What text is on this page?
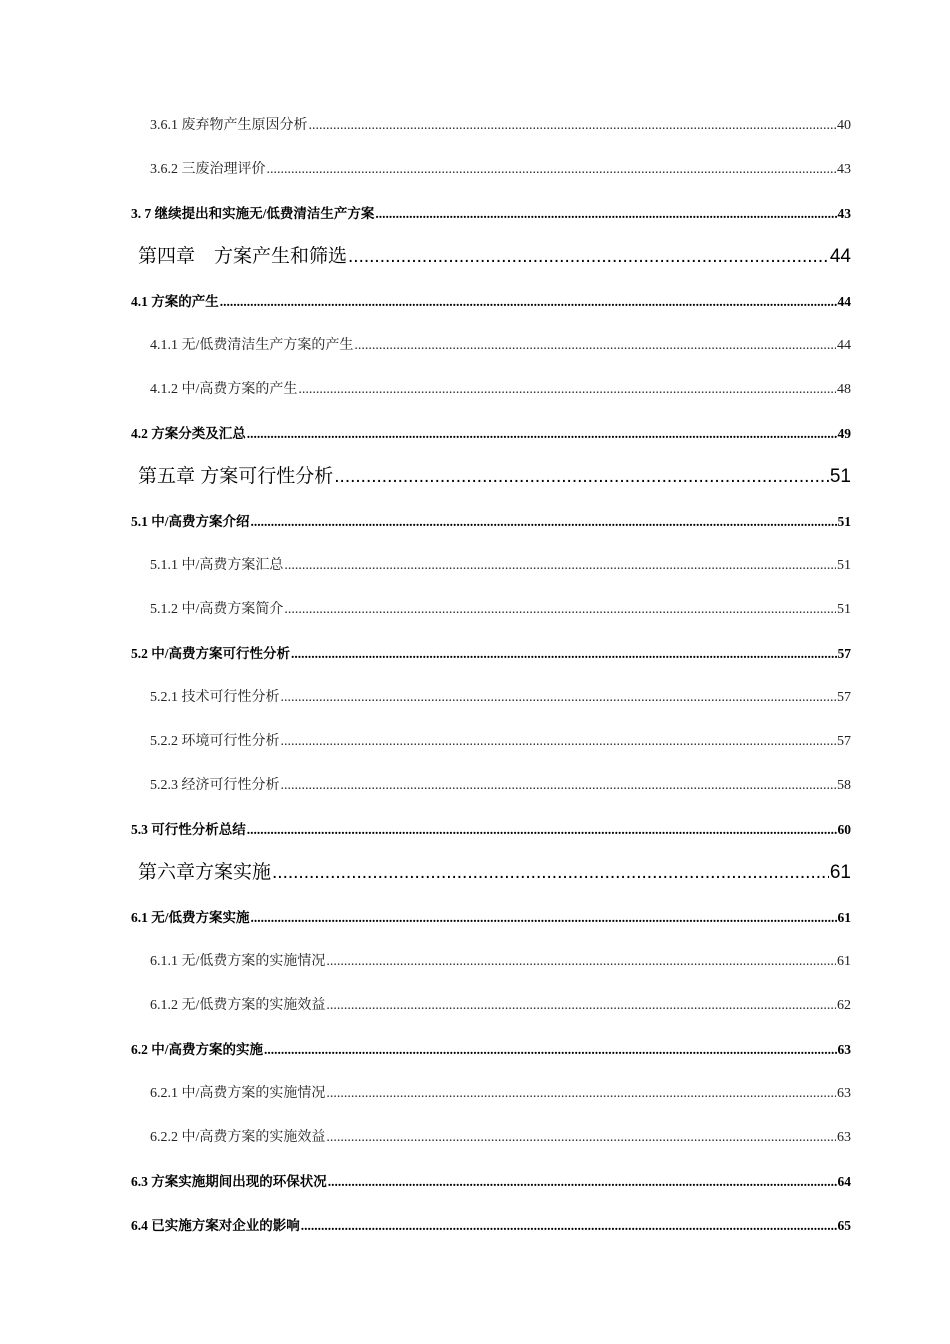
3.6.1 废弃物产生原因分析 .....	40
3.6.2 三废治理评价 .....	43
3. 7 继续提出和实施无/低费清洁生产方案 .....	43
第四章　方案产生和筛选 .....	44
4.1 方案的产生 .....	44
4.1.1 无/低费清洁生产方案的产生 .....	44
4.1.2 中/高费方案的产生 .....	48
4.2 方案分类及汇总 .....	49
第五章 方案可行性分析 .....	51
5.1 中/高费方案介绍 .....	51
5.1.1 中/高费方案汇总 .....	51
5.1.2 中/高费方案简介 .....	51
5.2 中/高费方案可行性分析 .....	57
5.2.1 技术可行性分析 .....	57
5.2.2 环境可行性分析 .....	57
5.2.3 经济可行性分析 .....	58
5.3 可行性分析总结 .....	60
第六章方案实施 .....	61
6.1 无/低费方案实施 .....	61
6.1.1 无/低费方案的实施情况 .....	61
6.1.2 无/低费方案的实施效益 .....	62
6.2 中/高费方案的实施 .....	63
6.2.1 中/高费方案的实施情况 .....	63
6.2.2 中/高费方案的实施效益 .....	63
6.3 方案实施期间出现的环保状况 .....	64
6.4 已实施方案对企业的影响 .....	65
